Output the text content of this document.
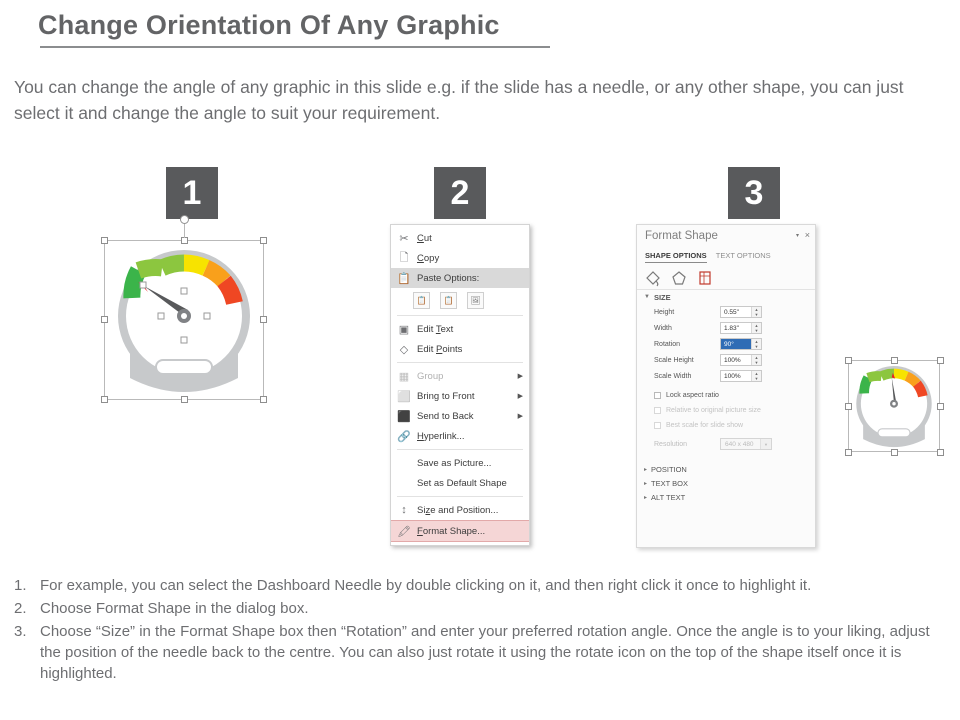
Change Orientation Of Any Graphic
You can change the angle of any graphic in this slide e.g. if the slide has a needle, or any other shape, you can just select it and change the angle to suit your requirement.
1	2	3
✂ Cut
🗋 Copy
📋 Paste Options:
📋	📋	🖼
▣ Edit Text
◇ Edit Points
▦ Group	▶
⬜ Bring to Front	▶
⬛ Send to Back	▶
🔗 Hyperlink...
Save as Picture...
Set as Default Shape
↕	Size and Position...
🖍 Format Shape...
Format Shape	▾ ×
SHAPE OPTIONS TEXT OPTIONS
▼ SIZE
Height	0.55"	▲
▼
Width	1.83"	▲
▼
Rotation	90°	▲
▼
Scale Height	100%	▲
▼
Scale Width	100%	▲
▼
Lock aspect ratio
Relative to original picture size
Best scale for slide show
Resolution	640 x 480	▼
▸ POSITION
▸ TEXT BOX
▸ ALT TEXT
1. For example, you can select the Dashboard Needle by double clicking on it, and then right click it once to highlight it.
2. Choose Format Shape in the dialog box.
3. Choose “Size” in the Format Shape box then “Rotation” and enter your preferred rotation angle. Once the angle is to your liking, adjust the position of the needle back to the centre. You can also just rotate it using the rotate icon on the top of the shape itself once it is highlighted.
